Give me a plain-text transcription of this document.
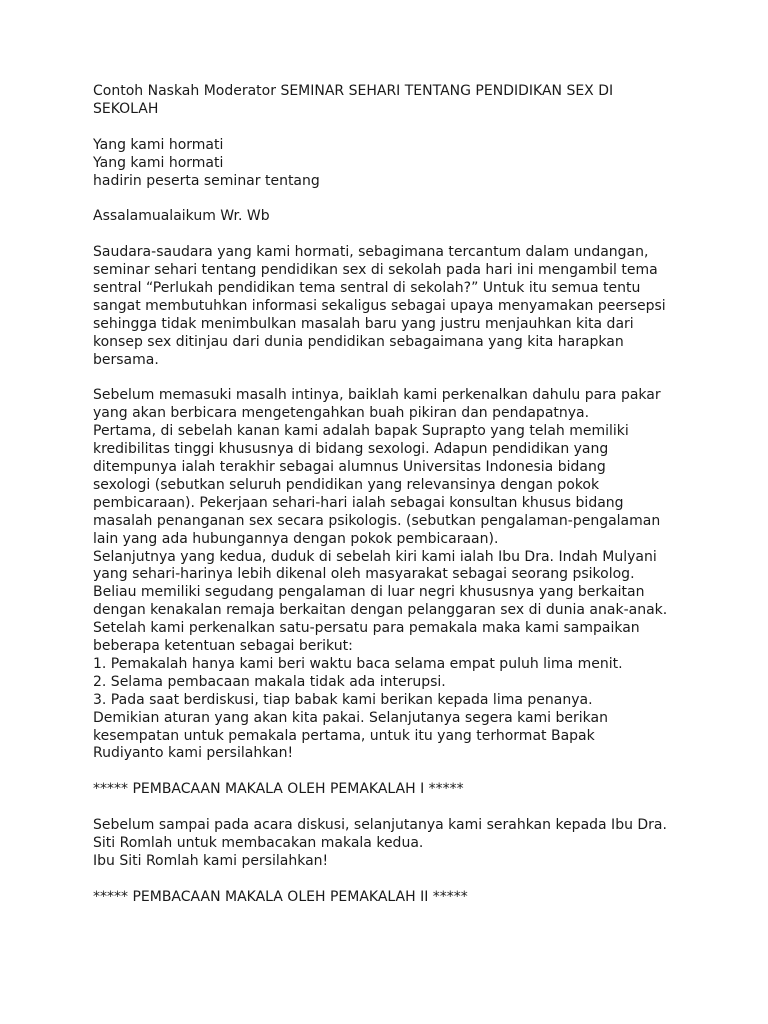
Contoh Naskah Moderator SEMINAR SEHARI TENTANG PENDIDIKAN SEX DI
SEKOLAH
Yang kami hormati
Yang kami hormati
hadirin peserta seminar tentang
Assalamualaikum Wr. Wb
Saudara-saudara yang kami hormati, sebagimana tercantum dalam undangan,
seminar sehari tentang pendidikan sex di sekolah pada hari ini mengambil tema
sentral “Perlukah pendidikan tema sentral di sekolah?” Untuk itu semua tentu
sangat membutuhkan informasi sekaligus sebagai upaya menyamakan peersepsi
sehingga tidak menimbulkan masalah baru yang justru menjauhkan kita dari
konsep sex ditinjau dari dunia pendidikan sebagaimana yang kita harapkan
bersama.
Sebelum memasuki masalh intinya, baiklah kami perkenalkan dahulu para pakar
yang akan berbicara mengetengahkan buah pikiran dan pendapatnya.
Pertama, di sebelah kanan kami adalah bapak Suprapto yang telah memiliki
kredibilitas tinggi khususnya di bidang sexologi. Adapun pendidikan yang
ditempunya ialah terakhir sebagai alumnus Universitas Indonesia bidang
sexologi (sebutkan seluruh pendidikan yang relevansinya dengan pokok
pembicaraan). Pekerjaan sehari-hari ialah sebagai konsultan khusus bidang
masalah penanganan sex secara psikologis. (sebutkan pengalaman-pengalaman
lain yang ada hubungannya dengan pokok pembicaraan).
Selanjutnya yang kedua, duduk di sebelah kiri kami ialah Ibu Dra. Indah Mulyani
yang sehari-harinya lebih dikenal oleh masyarakat sebagai seorang psikolog.
Beliau memiliki segudang pengalaman di luar negri khususnya yang berkaitan
dengan kenakalan remaja berkaitan dengan pelanggaran sex di dunia anak-anak.
Setelah kami perkenalkan satu-persatu para pemakala maka kami sampaikan
beberapa ketentuan sebagai berikut:
1. Pemakalah hanya kami beri waktu baca selama empat puluh lima menit.
2. Selama pembacaan makala tidak ada interupsi.
3. Pada saat berdiskusi, tiap babak kami berikan kepada lima penanya.
Demikian aturan yang akan kita pakai. Selanjutanya segera kami berikan
kesempatan untuk pemakala pertama, untuk itu yang terhormat Bapak
Rudiyanto kami persilahkan!
***** PEMBACAAN MAKALA OLEH PEMAKALAH I *****
Sebelum sampai pada acara diskusi, selanjutanya kami serahkan kepada Ibu Dra.
Siti Romlah untuk membacakan makala kedua.
Ibu Siti Romlah kami persilahkan!
***** PEMBACAAN MAKALA OLEH PEMAKALAH II *****
